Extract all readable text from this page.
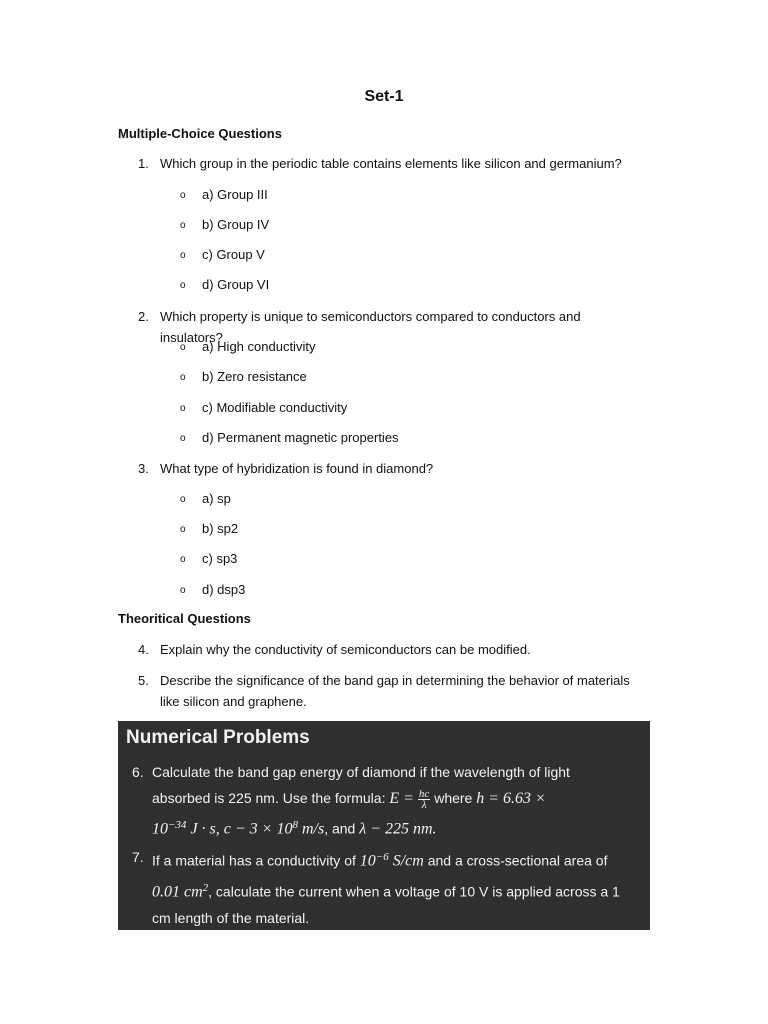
Set-1
Multiple-Choice Questions
1. Which group in the periodic table contains elements like silicon and germanium?
o a) Group III
o b) Group IV
o c) Group V
o d) Group VI
2. Which property is unique to semiconductors compared to conductors and insulators?
o a) High conductivity
o b) Zero resistance
o c) Modifiable conductivity
o d) Permanent magnetic properties
3. What type of hybridization is found in diamond?
o a) sp
o b) sp2
o c) sp3
o d) dsp3
Theoritical Questions
4. Explain why the conductivity of semiconductors can be modified.
5. Describe the significance of the band gap in determining the behavior of materials like silicon and graphene.
Numerical Problems
6. Calculate the band gap energy of diamond if the wavelength of light
absorbed is 225 nm. Use the formula: $E = \frac{hc}{\lambda}$ where h = 6.63 ×
$10^{-34}$ J · s, $c - 3 \times 10^8$ m/s, and λ − 225 nm.
7. If a material has a conductivity of $10^{-6}$ S/cm and a cross-sectional area of
0.01 $cm^2$, calculate the current when a voltage of 10 V is applied across a 1
cm length of the material.
